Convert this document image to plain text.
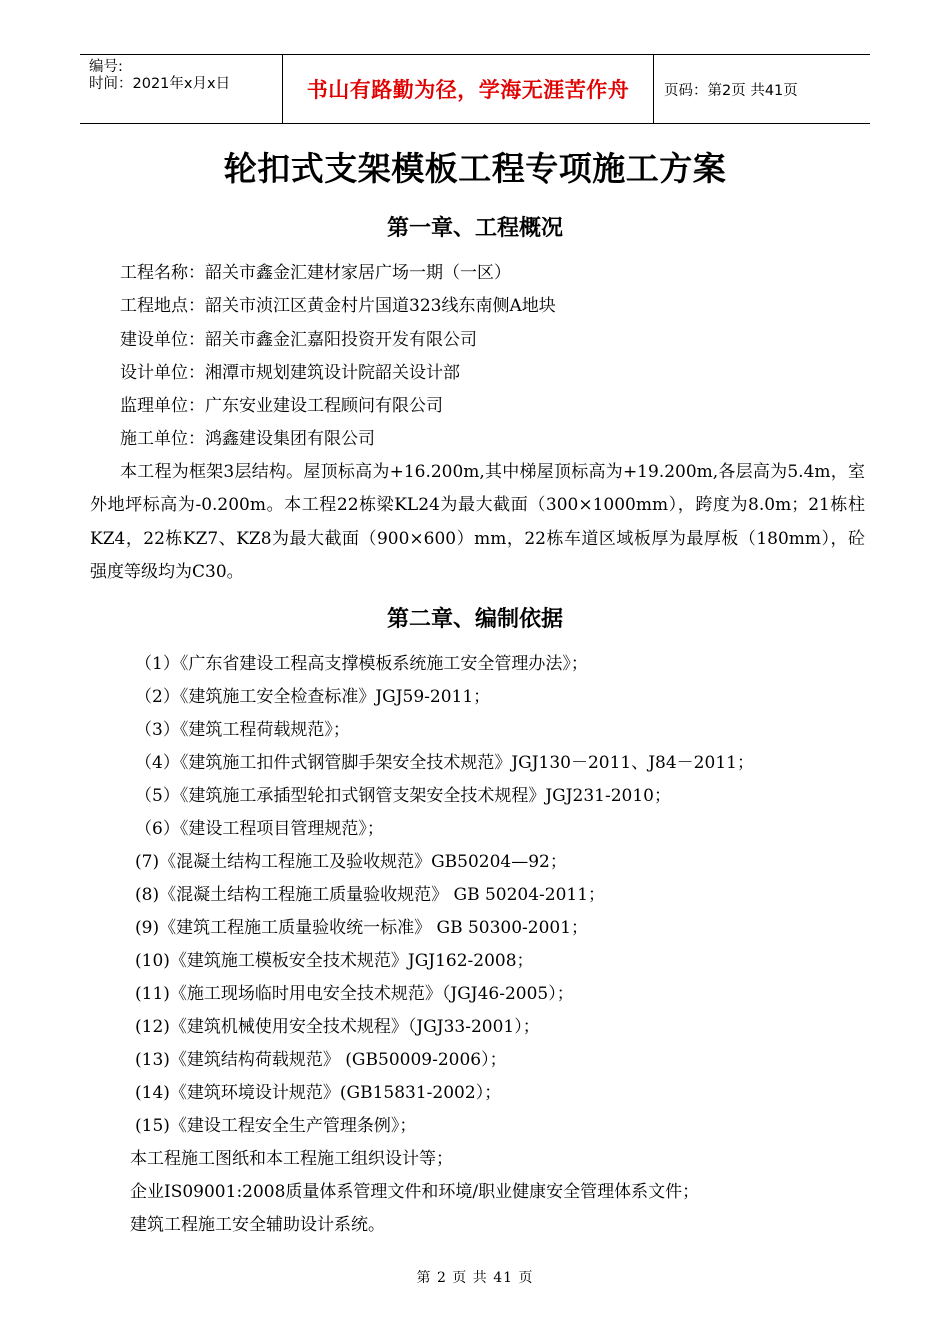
编号:
时间：2021年x月x日	书山有路勤为径，学海无涯苦作舟	页码：第2页 共41页
轮扣式支架模板工程专项施工方案
第一章、工程概况
工程名称：韶关市鑫金汇建材家居广场一期（一区）
工程地点：韶关市浈江区黄金村片国道323线东南侧A地块
建设单位：韶关市鑫金汇嘉阳投资开发有限公司
设计单位：湘潭市规划建筑设计院韶关设计部
监理单位：广东安业建设工程顾问有限公司
施工单位：鸿鑫建设集团有限公司
本工程为框架3层结构。屋顶标高为+16.200m,其中梯屋顶标高为+19.200m,各层高为5.4m，室外地坪标高为-0.200m。本工程22栋梁KL24为最大截面（300×1000mm），跨度为8.0m；21栋柱KZ4，22栋KZ7、KZ8为最大截面（900×600）mm，22栋车道区域板厚为最厚板（180mm），砼强度等级均为C30。
第二章、编制依据
（1）《广东省建设工程高支撑模板系统施工安全管理办法》；
（2）《建筑施工安全检查标准》JGJ59-2011；
（3）《建筑工程荷载规范》；
（4）《建筑施工扣件式钢管脚手架安全技术规范》JGJ130－2011、J84－2011；
（5）《建筑施工承插型轮扣式钢管支架安全技术规程》JGJ231-2010；
（6）《建设工程项目管理规范》；
(7)《混凝土结构工程施工及验收规范》GB50204—92；
(8)《混凝土结构工程施工质量验收规范》 GB 50204-2011；
(9)《建筑工程施工质量验收统一标准》 GB 50300-2001；
(10)《建筑施工模板安全技术规范》JGJ162-2008；
(11)《施工现场临时用电安全技术规范》（JGJ46-2005）；
(12)《建筑机械使用安全技术规程》（JGJ33-2001）；
(13)《建筑结构荷载规范》 (GB50009-2006）；
(14)《建筑环境设计规范》(GB15831-2002）；
(15)《建设工程安全生产管理条例》；
本工程施工图纸和本工程施工组织设计等；
企业IS09001:2008质量体系管理文件和环境/职业健康安全管理体系文件；
建筑工程施工安全辅助设计系统。
第 2 页 共 41 页
